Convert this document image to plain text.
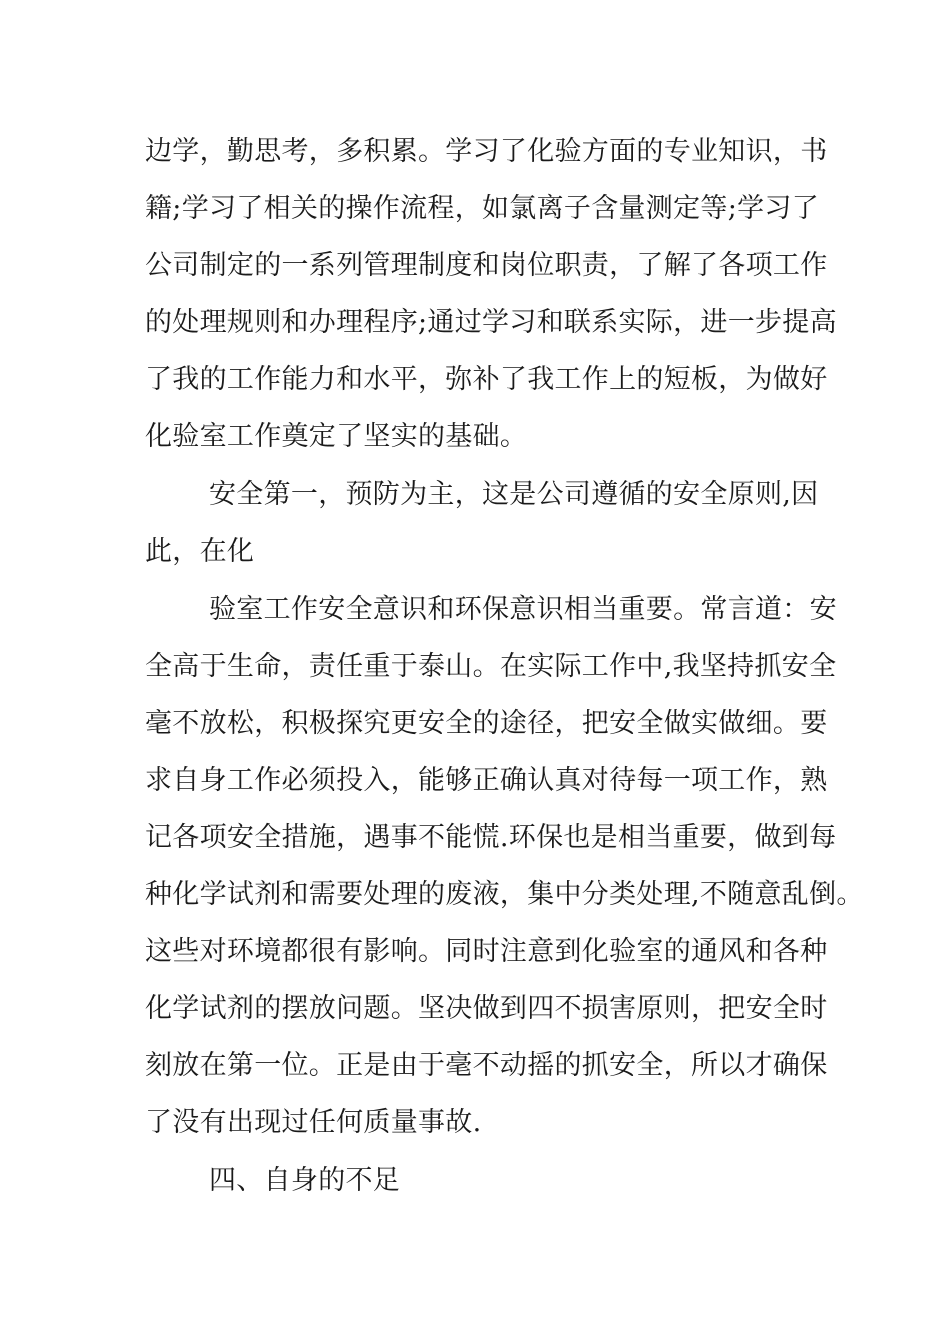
边学，勤思考，多积累。学习了化验方面的专业知识，书

籍;学习了相关的操作流程，如氯离子含量测定等;学习了

公司制定的一系列管理制度和岗位职责，了解了各项工作

的处理规则和办理程序;通过学习和联系实际，进一步提高

了我的工作能力和水平，弥补了我工作上的短板，为做好

化验室工作奠定了坚实的基础。

安全第一，预防为主，这是公司遵循的安全原则,因

此，在化

验室工作安全意识和环保意识相当重要。常言道：安

全高于生命，责任重于泰山。在实际工作中,我坚持抓安全

毫不放松，积极探究更安全的途径，把安全做实做细。要

求自身工作必须投入，能够正确认真对待每一项工作，熟

记各项安全措施，遇事不能慌.环保也是相当重要，做到每

种化学试剂和需要处理的废液，集中分类处理,不随意乱倒。

这些对环境都很有影响。同时注意到化验室的通风和各种

化学试剂的摆放问题。坚决做到四不损害原则，把安全时

刻放在第一位。正是由于毫不动摇的抓安全，所以才确保

了没有出现过任何质量事故.

四、自身的不足
